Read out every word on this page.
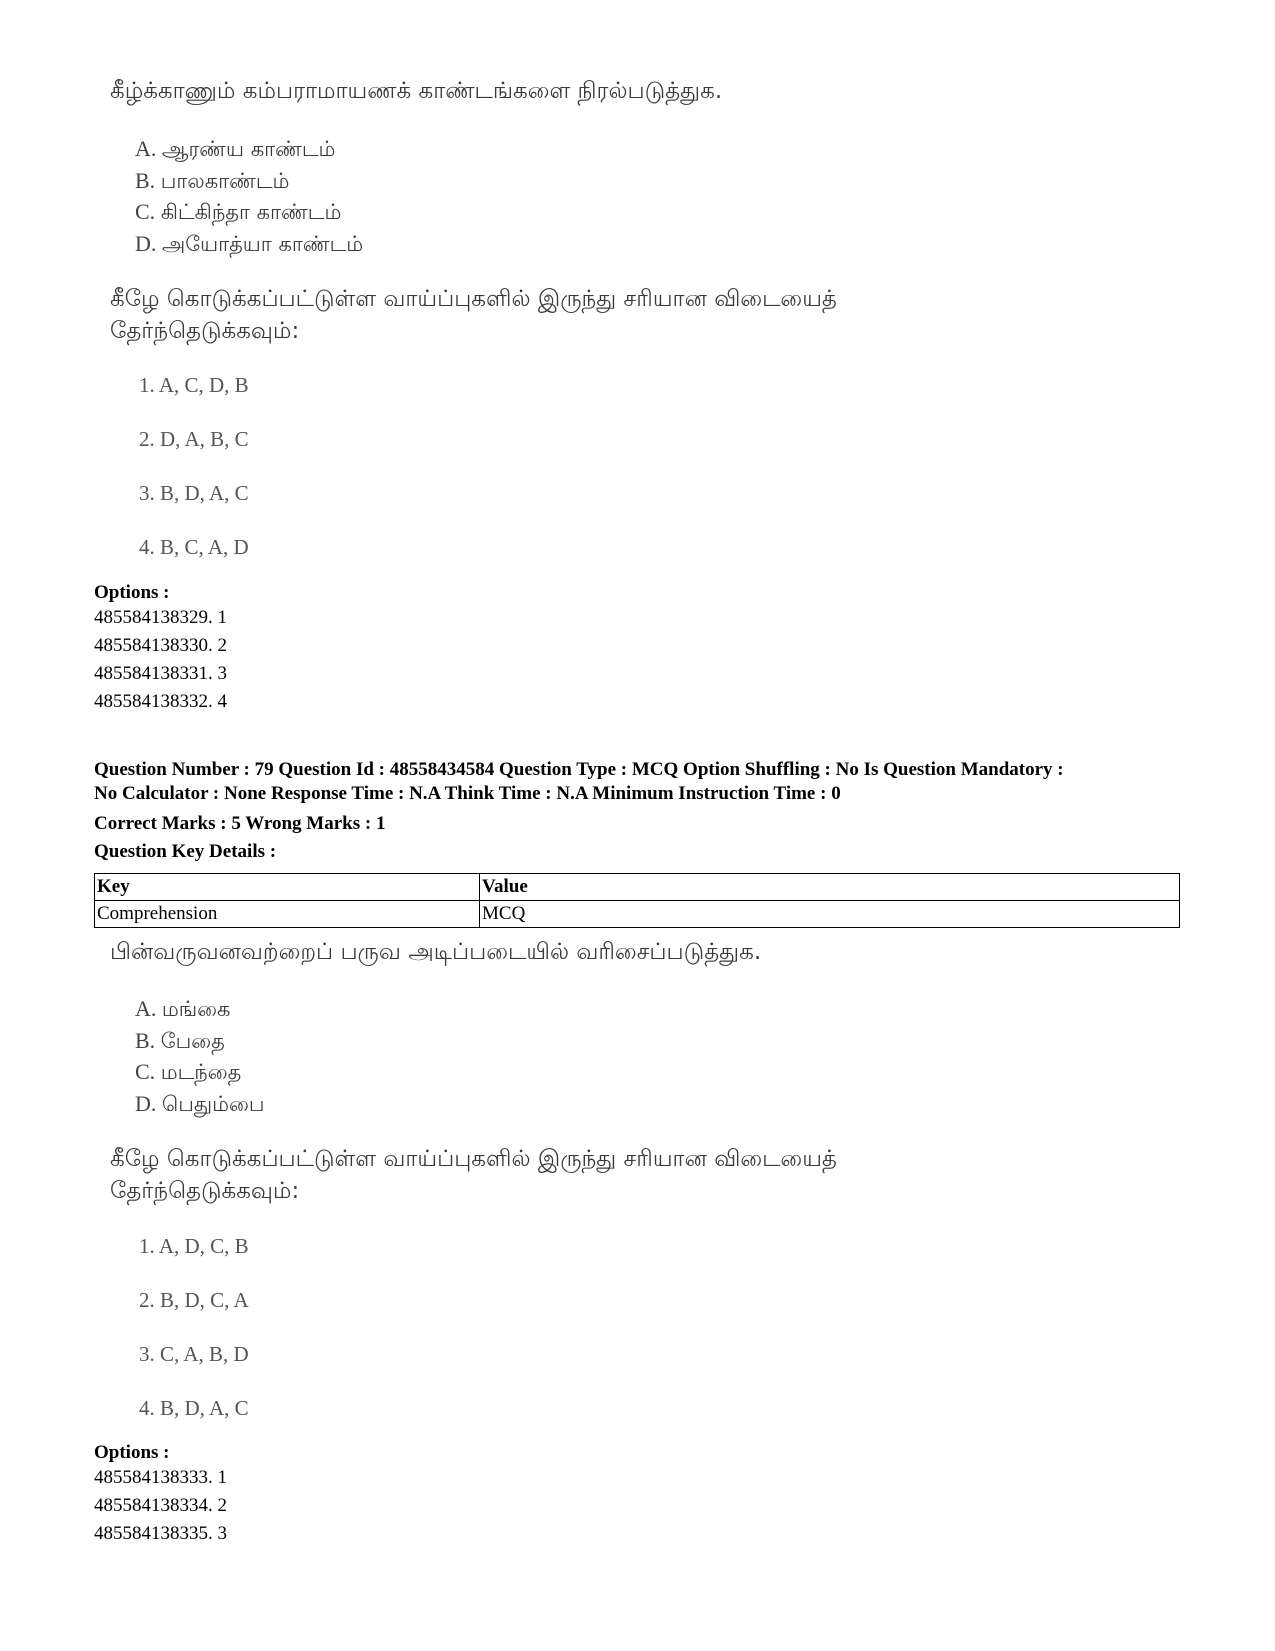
கீழ்க்காணும் கம்பராமாயணக் காண்டங்களை நிரல்படுத்துக.
A. ஆரண்ய காண்டம்
B. பாலகாண்டம்
C. கிட்கிந்தா காண்டம்
D. அயோத்யா காண்டம்
கீழே கொடுக்கப்பட்டுள்ள வாய்ப்புகளில் இருந்து சரியான விடையைத்
தேர்ந்தெடுக்கவும்:
1. A, C, D, B
2. D, A, B, C
3. B, D, A, C
4. B, C, A, D
Options :
485584138329. 1
485584138330. 2
485584138331. 3
485584138332. 4
Question Number : 79 Question Id : 48558434584 Question Type : MCQ Option Shuffling : No Is Question Mandatory :
No Calculator : None Response Time : N.A Think Time : N.A Minimum Instruction Time : 0
Correct Marks : 5 Wrong Marks : 1
Question Key Details :
Key	Value
Comprehension	MCQ
பின்வருவனவற்றைப் பருவ அடிப்படையில் வரிசைப்படுத்துக.
A. மங்கை
B. பேதை
C. மடந்தை
D. பெதும்பை
கீழே கொடுக்கப்பட்டுள்ள வாய்ப்புகளில் இருந்து சரியான விடையைத்
தேர்ந்தெடுக்கவும்:
1. A, D, C, B
2. B, D, C, A
3. C, A, B, D
4. B, D, A, C
Options :
485584138333. 1
485584138334. 2
485584138335. 3
